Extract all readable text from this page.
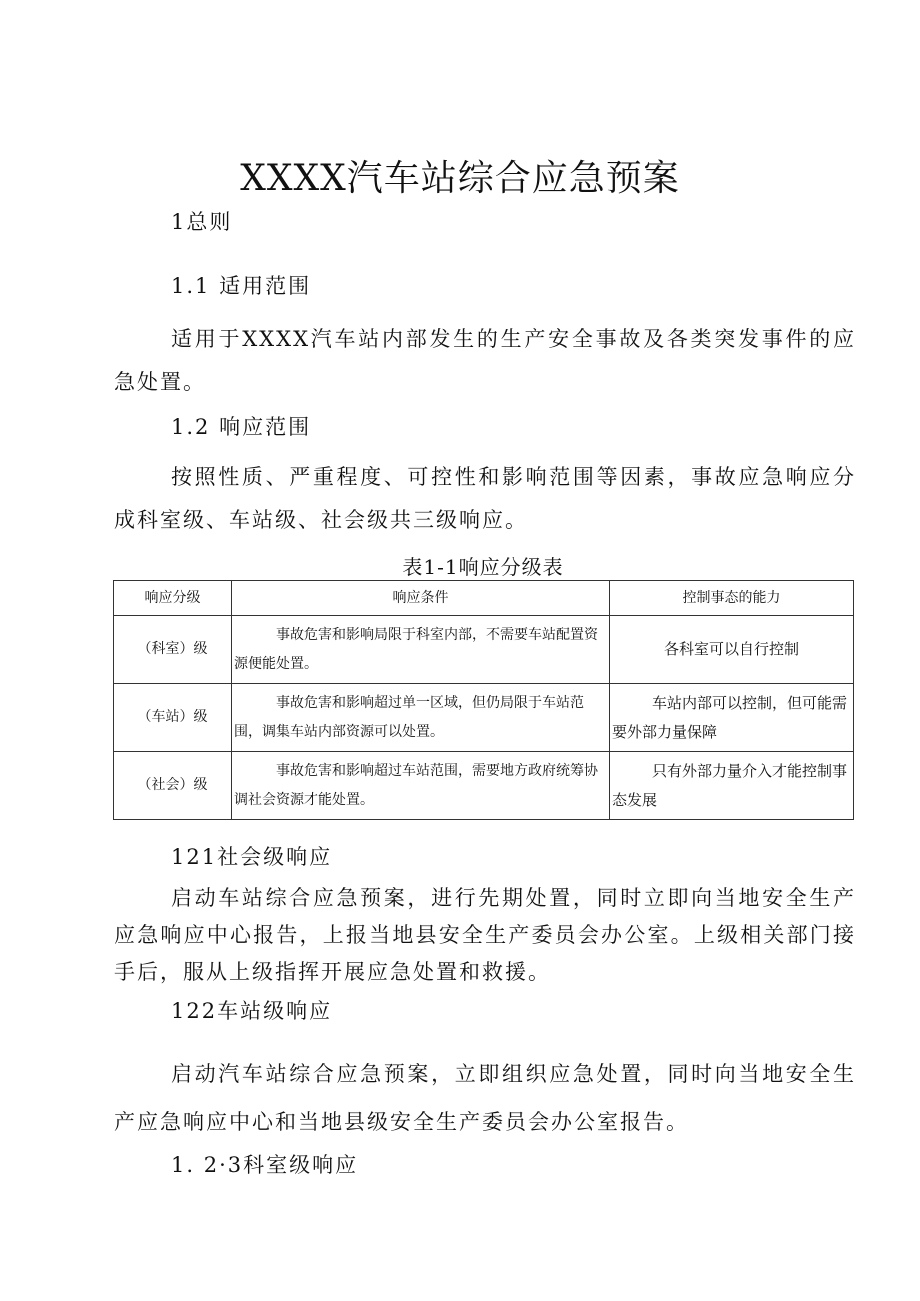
XXXX汽车站综合应急预案
1总则
1.1 适用范围
适用于XXXX汽车站内部发生的生产安全事故及各类突发事件的应急处置。
1.2 响应范围
按照性质、严重程度、可控性和影响范围等因素，事故应急响应分成科室级、车站级、社会级共三级响应。
表1-1响应分级表
响应分级	响应条件	控制事态的能力
（科室）级	事故危害和影响局限于科室内部，不需要车站配置资源便能处置。	各科室可以自行控制
（车站）级	事故危害和影响超过单一区域，但仍局限于车站范围，调集车站内部资源可以处置。	车站内部可以控制，但可能需要外部力量保障
（社会）级	事故危害和影响超过车站范围，需要地方政府统筹协调社会资源才能处置。	只有外部力量介入才能控制事态发展
121社会级响应
启动车站综合应急预案，进行先期处置，同时立即向当地安全生产应急响应中心报告，上报当地县安全生产委员会办公室。上级相关部门接手后，服从上级指挥开展应急处置和救援。
122车站级响应
启动汽车站综合应急预案，立即组织应急处置，同时向当地安全生产应急响应中心和当地县级安全生产委员会办公室报告。
1. 2·3科室级响应
